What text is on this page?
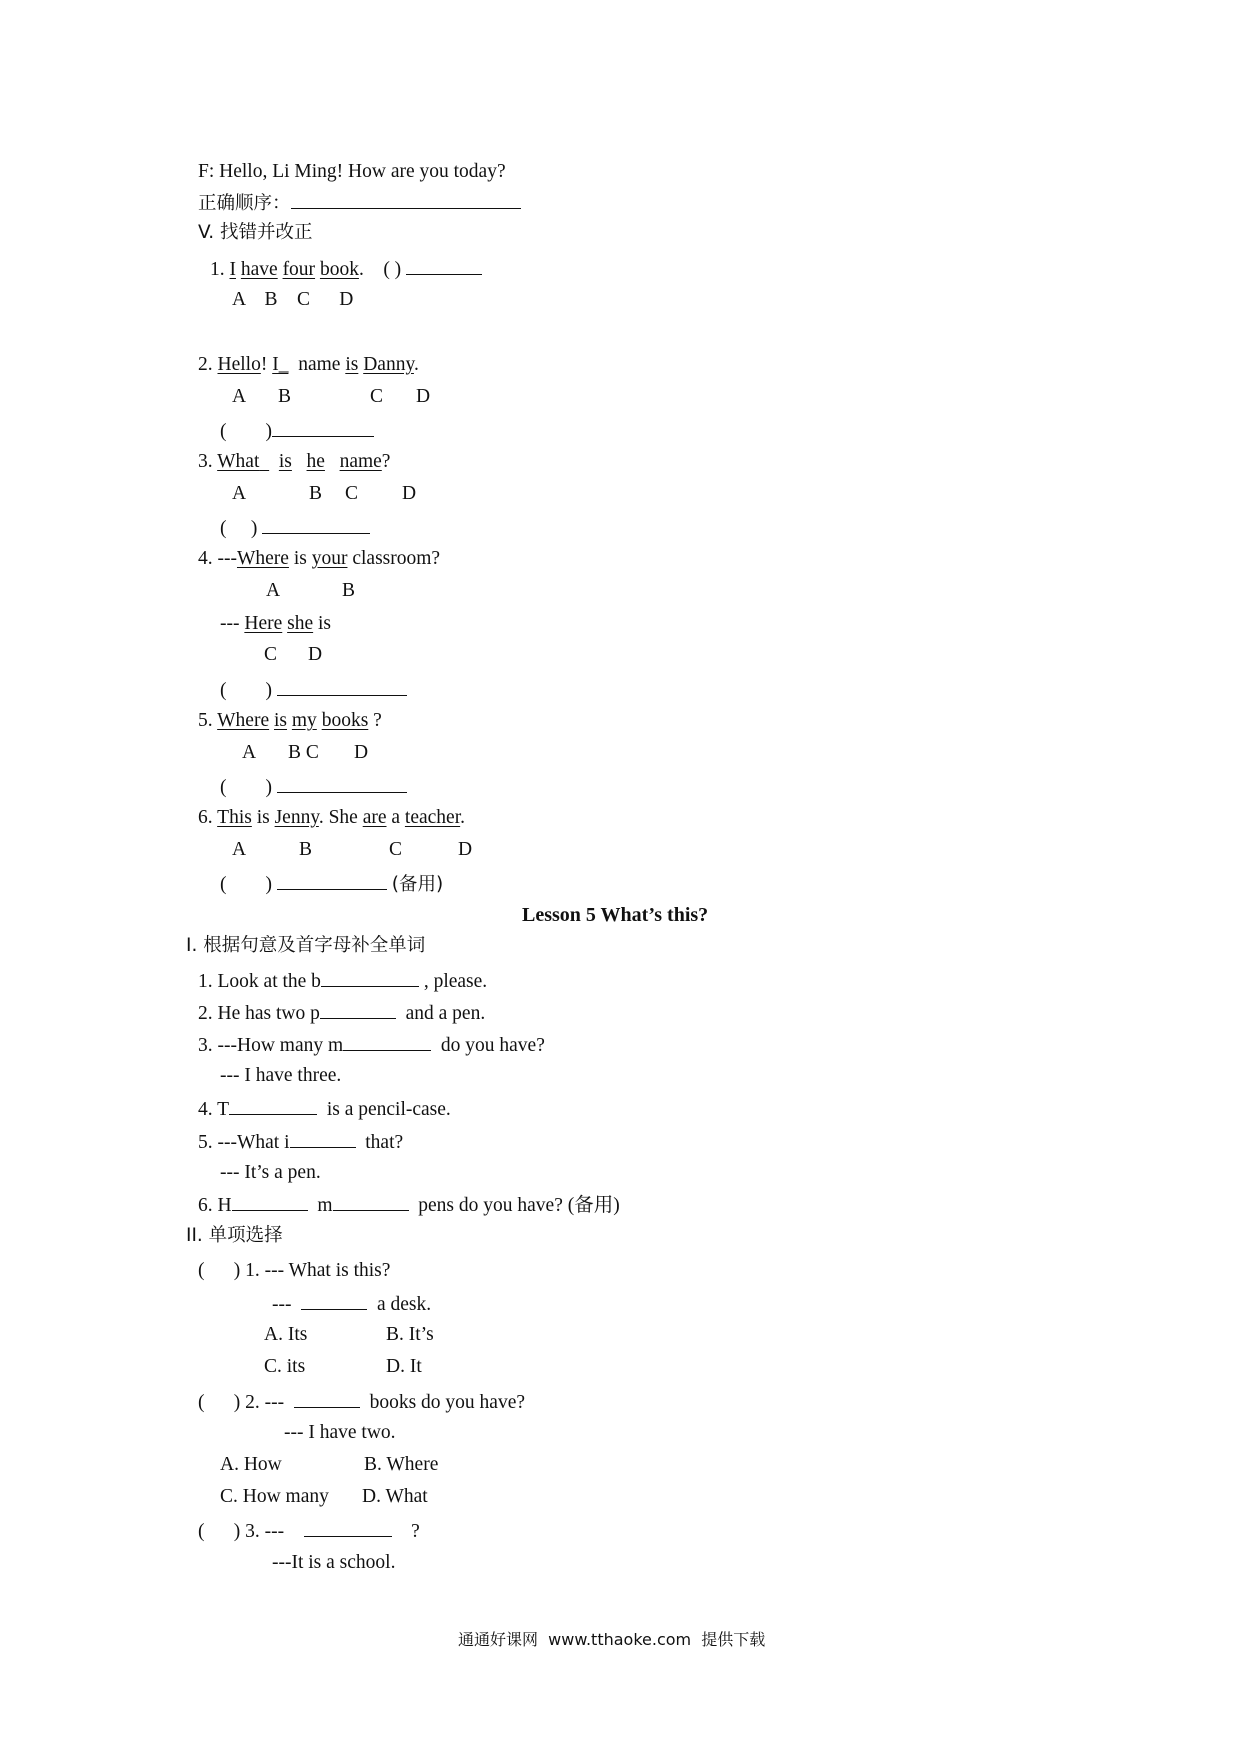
F: Hello, Li Ming! How are you today?
正确顺序：
V. 找错并改正
1. I have four book. ( )
A    B    C      D
2. Hello! I_  name is Danny.
A B	C D
(        )
3. What is he name?
A	B C D
(     )
4. ---Where is your classroom?
A	B
--- Here she is
C D
(        )
5. Where is my books ?
A B C D
(        )
6. This is Jenny. She are a teacher.
A	B	C	D
(        )	(备用)
Lesson 5 What’s this?
I. 根据句意及首字母补全单词
1. Look at the b	, please.
2. He has two p	and a pen.
3. ---How many m	do you have?
--- I have three.
4. T	is a pencil-case.
5. ---What i	that?
--- It’s a pen.
6. H	m	pens do you have? (备用)
II. 单项选择
(      ) 1. --- What is this?
---	a desk.
A. Its	B. It’s
C. its	D. It
(      ) 2. ---	books do you have?
--- I have two.
A. How	B. Where
C. How many D. What
(      ) 3. ---	?
---It is a school.
通通好课网  www.tthaoke.com  提供下载
